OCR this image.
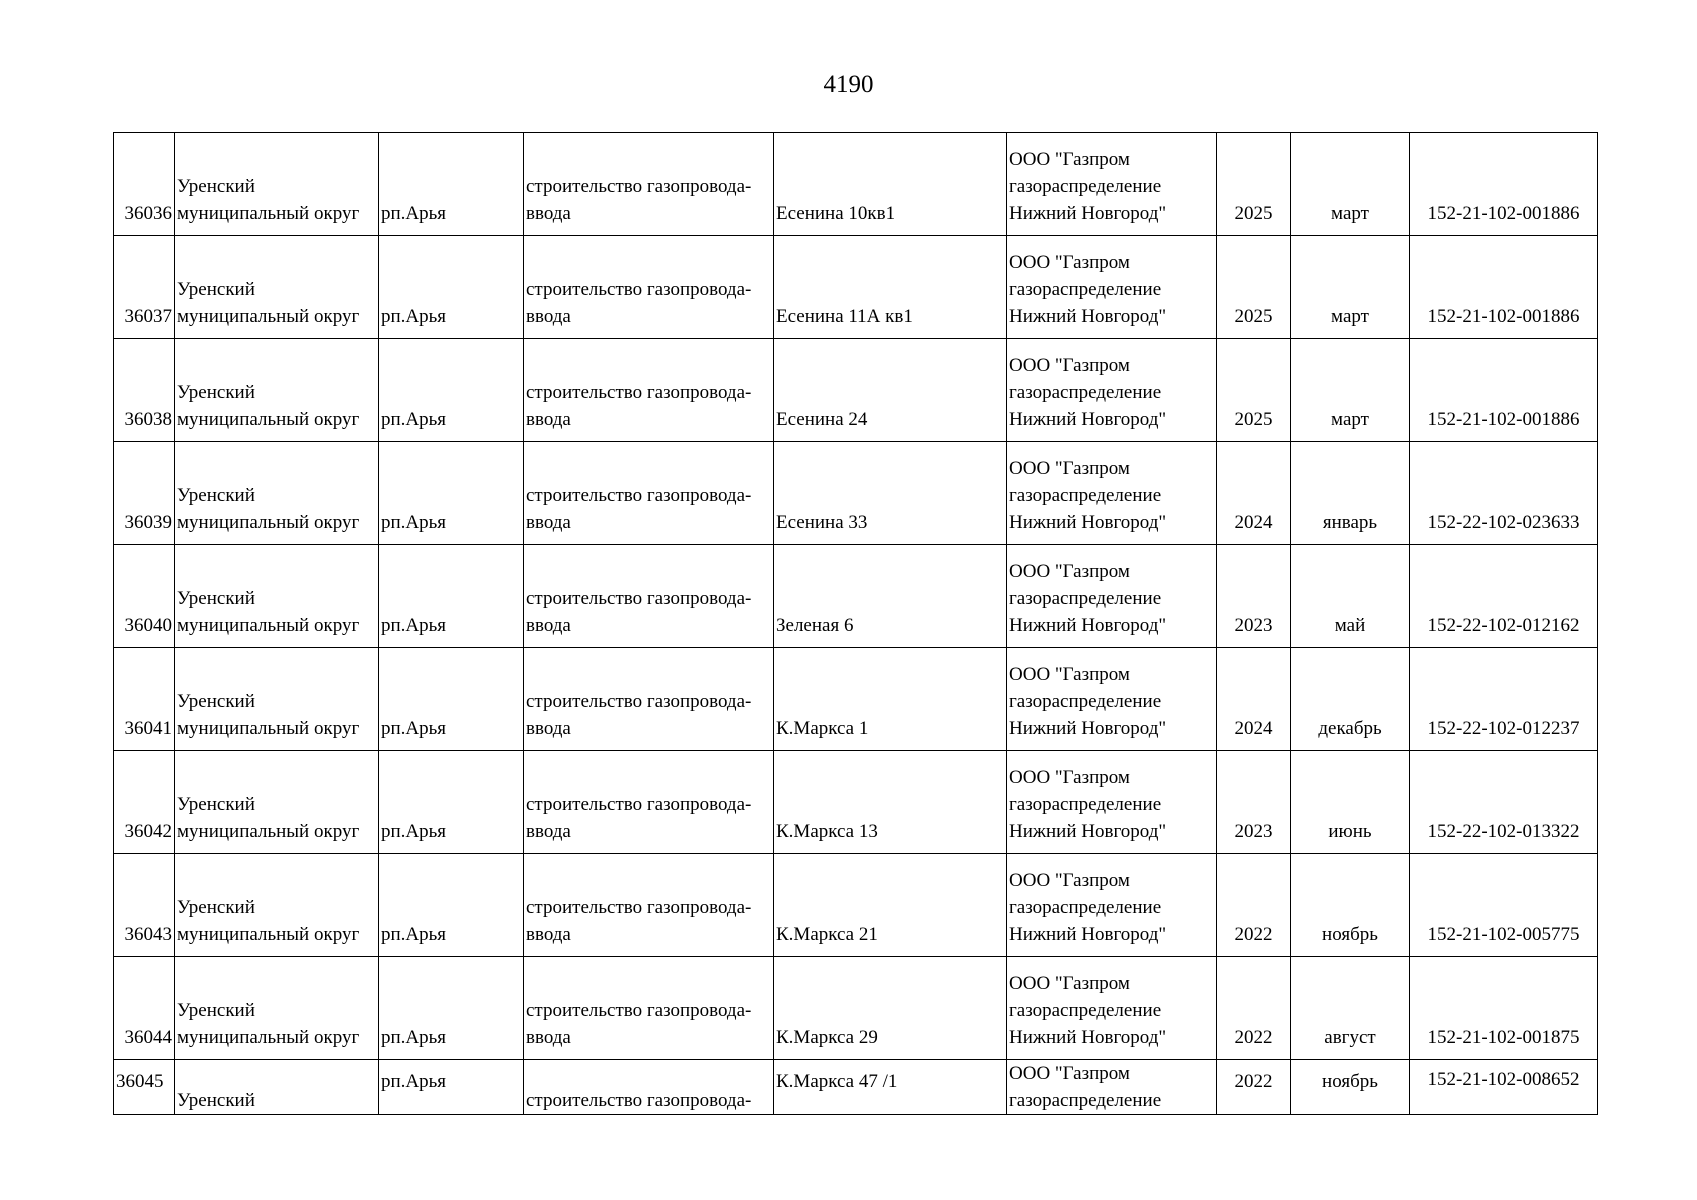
4190
36036	Уренский муниципальный округ	рп.Арья	строительство газопровода-ввода	Есенина 10кв1	ООО "Газпром газораспределение Нижний Новгород"	2025	март	152-21-102-001886

36037	Уренский муниципальный округ	рп.Арья	строительство газопровода-ввода	Есенина 11А кв1	ООО "Газпром газораспределение Нижний Новгород"	2025	март	152-21-102-001886

36038	Уренский муниципальный округ	рп.Арья	строительство газопровода-ввода	Есенина 24	ООО "Газпром газораспределение Нижний Новгород"	2025	март	152-21-102-001886

36039	Уренский муниципальный округ	рп.Арья	строительство газопровода-ввода	Есенина 33	ООО "Газпром газораспределение Нижний Новгород"	2024	январь	152-22-102-023633

36040	Уренский муниципальный округ	рп.Арья	строительство газопровода-ввода	Зеленая 6	ООО "Газпром газораспределение Нижний Новгород"	2023	май	152-22-102-012162

36041	Уренский муниципальный округ	рп.Арья	строительство газопровода-ввода	К.Маркса 1	ООО "Газпром газораспределение Нижний Новгород"	2024	декабрь	152-22-102-012237

36042	Уренский муниципальный округ	рп.Арья	строительство газопровода-ввода	К.Маркса 13	ООО "Газпром газораспределение Нижний Новгород"	2023	июнь	152-22-102-013322

36043	Уренский муниципальный округ	рп.Арья	строительство газопровода-ввода	К.Маркса 21	ООО "Газпром газораспределение Нижний Новгород"	2022	ноябрь	152-21-102-005775

36044	Уренский муниципальный округ	рп.Арья	строительство газопровода-ввода	К.Маркса 29	ООО "Газпром газораспределение Нижний Новгород"	2022	август	152-21-102-001875

36045	Уренский	рп.Арья	строительство газопровода-	К.Маркса 47 /1	ООО "Газпром газораспределение	2022	ноябрь	152-21-102-008652
